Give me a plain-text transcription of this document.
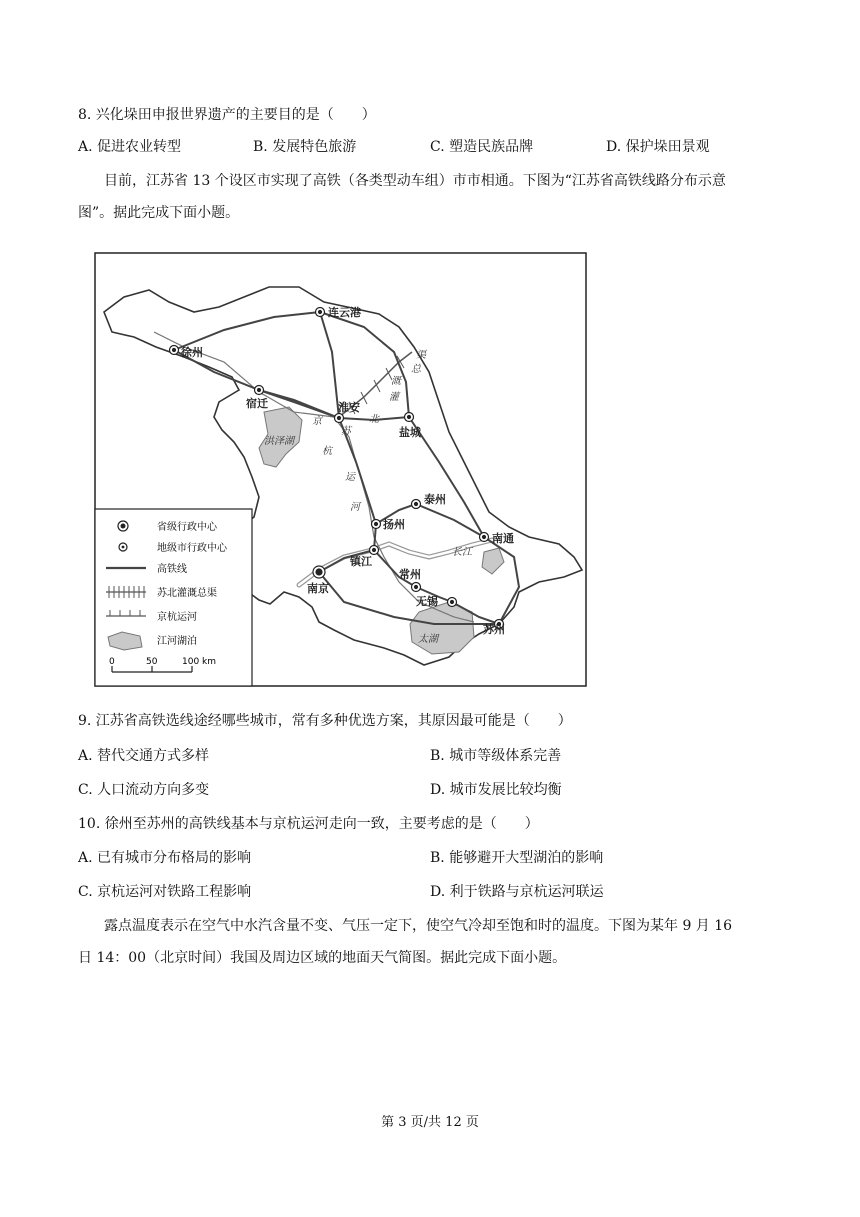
8. 兴化垛田申报世界遗产的主要目的是（　　）
A. 促进农业转型	B. 发展特色旅游	C. 塑造民族品牌	D. 保护垛田景观
目前，江苏省 13 个设区市实现了高铁（各类型动车组）市市相通。下图为“江苏省高铁线路分布示意
图”。据此完成下面小题。
连云港
徐州
宿迁	淮安
盐城
泰州
扬州
镇江
南京
常州
无锡
苏州
南通
洪泽湖
太湖
长江
京
杭
运
河
苏
北
灌
溉
总
渠
省级行政中心
地级市行政中心
高铁线
苏北灌溉总渠
京杭运河
江河湖泊
0	50	100 km
9. 江苏省高铁选线途经哪些城市，常有多种优选方案，其原因最可能是（　　）
A. 替代交通方式多样	B. 城市等级体系完善
C. 人口流动方向多变	D. 城市发展比较均衡
10. 徐州至苏州的高铁线基本与京杭运河走向一致，主要考虑的是（　　）
A. 已有城市分布格局的影响	B. 能够避开大型湖泊的影响
C. 京杭运河对铁路工程影响	D. 利于铁路与京杭运河联运
露点温度表示在空气中水汽含量不变、气压一定下，使空气冷却至饱和时的温度。下图为某年 9 月 16
日 14：00（北京时间）我国及周边区域的地面天气简图。据此完成下面小题。
第 3 页/共 12 页
